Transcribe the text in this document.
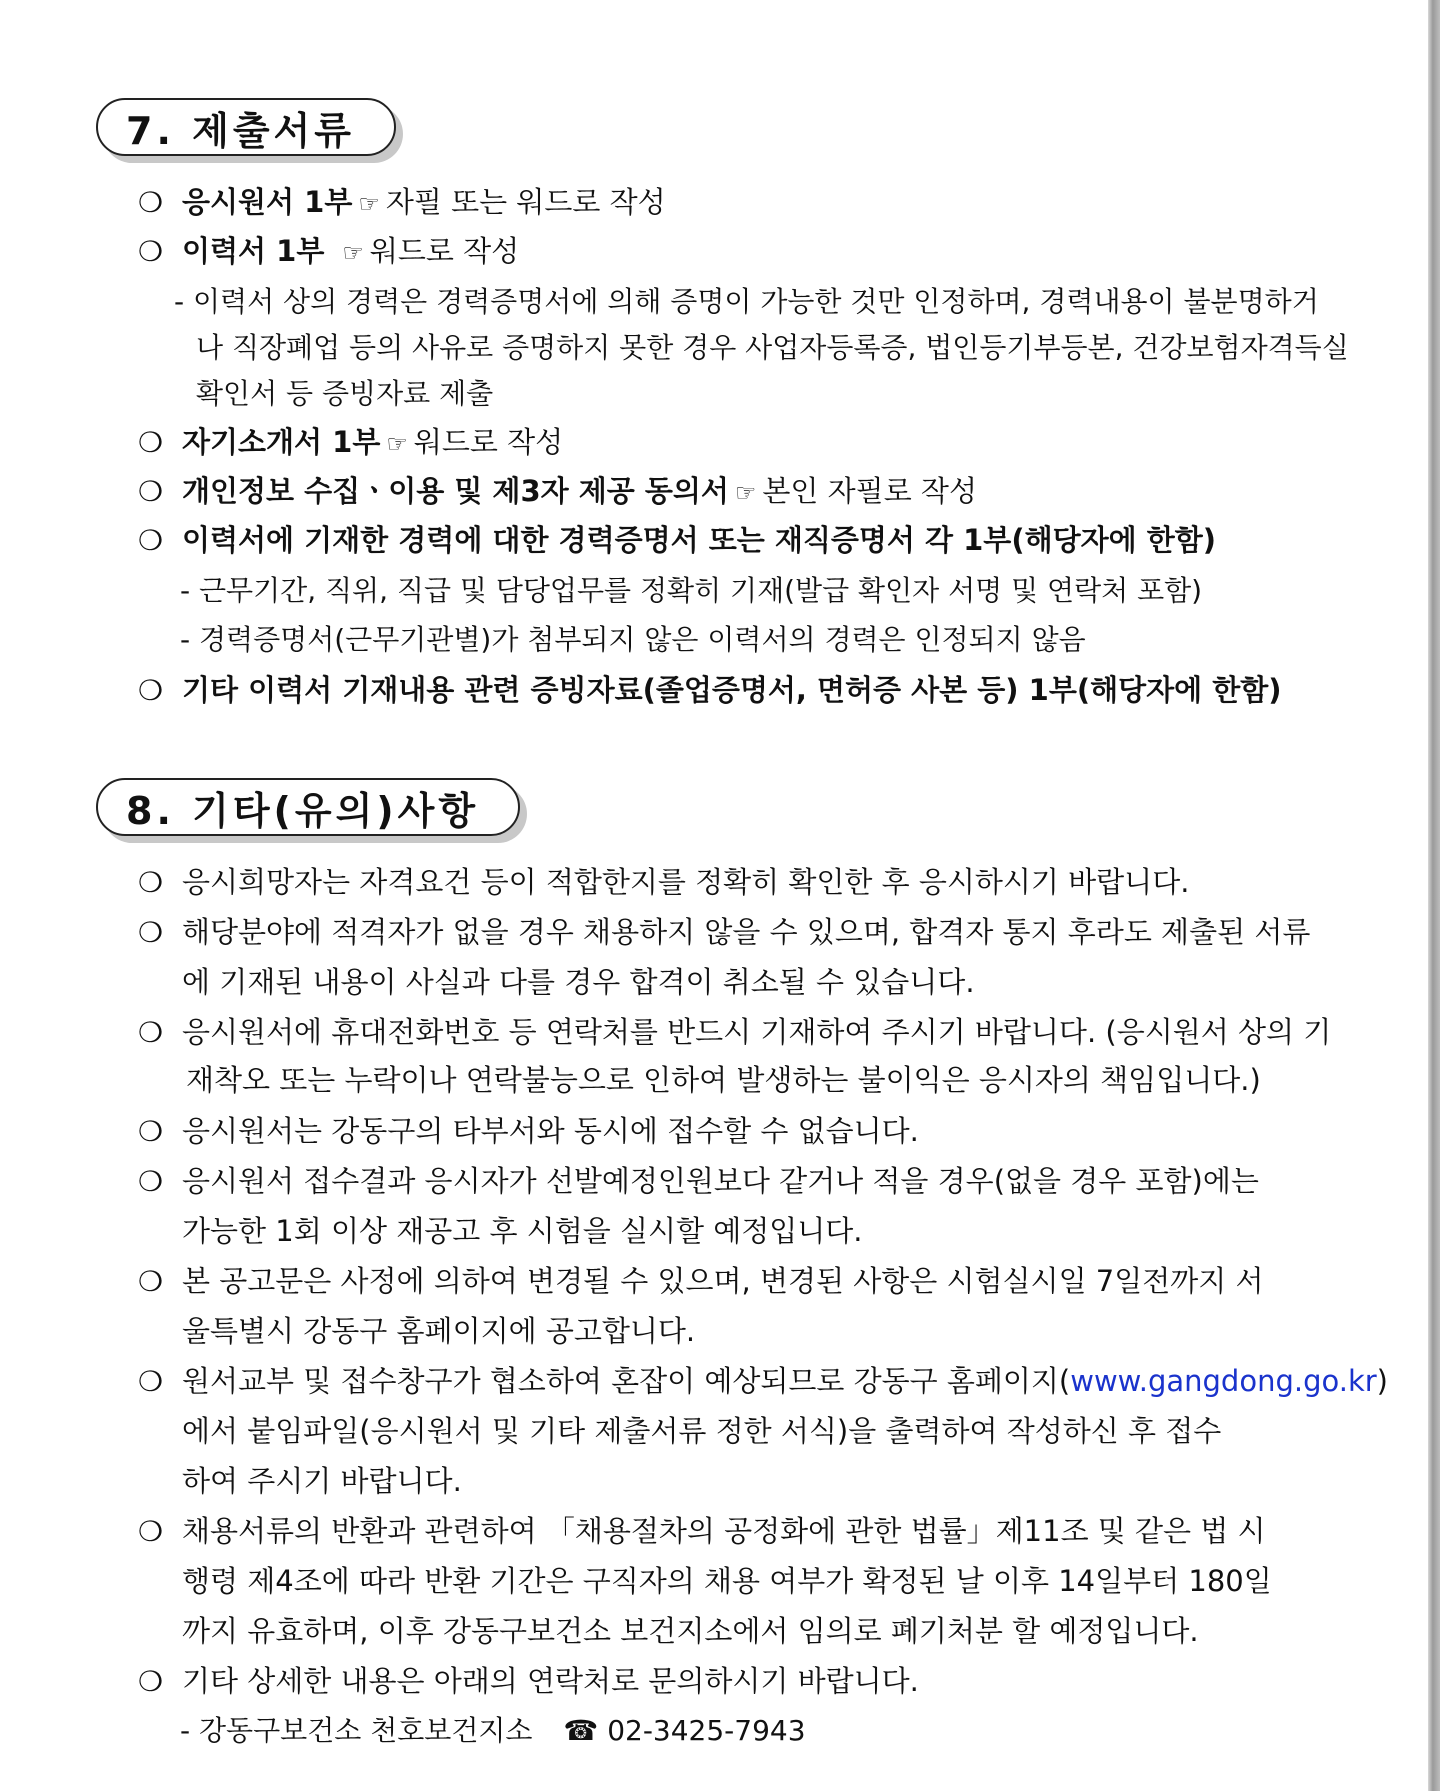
7. 제출서류
❍ 응시원서 1부 ☞ 자필 또는 워드로 작성
❍ 이력서 1부 ☞ 워드로 작성
- 이력서 상의 경력은 경력증명서에 의해 증명이 가능한 것만 인정하며, 경력내용이 불분명하거
나 직장폐업 등의 사유로 증명하지 못한 경우 사업자등록증, 법인등기부등본, 건강보험자격득실
확인서 등 증빙자료 제출
❍ 자기소개서 1부 ☞ 워드로 작성
❍ 개인정보 수집ㆍ이용 및 제3자 제공 동의서 ☞ 본인 자필로 작성
❍ 이력서에 기재한 경력에 대한 경력증명서 또는 재직증명서 각 1부(해당자에 한함)
- 근무기간, 직위, 직급 및 담당업무를 정확히 기재(발급 확인자 서명 및 연락처 포함)
- 경력증명서(근무기관별)가 첨부되지 않은 이력서의 경력은 인정되지 않음
❍ 기타 이력서 기재내용 관련 증빙자료(졸업증명서, 면허증 사본 등) 1부(해당자에 한함)
8. 기타(유의)사항
❍ 응시희망자는 자격요건 등이 적합한지를 정확히 확인한 후 응시하시기 바랍니다.
❍ 해당분야에 적격자가 없을 경우 채용하지 않을 수 있으며, 합격자 통지 후라도 제출된 서류
에 기재된 내용이 사실과 다를 경우 합격이 취소될 수 있습니다.
❍ 응시원서에 휴대전화번호 등 연락처를 반드시 기재하여 주시기 바랍니다. (응시원서 상의 기
재착오 또는 누락이나 연락불능으로 인하여 발생하는 불이익은 응시자의 책임입니다.)
❍ 응시원서는 강동구의 타부서와 동시에 접수할 수 없습니다.
❍ 응시원서 접수결과 응시자가 선발예정인원보다 같거나 적을 경우(없을 경우 포함)에는
가능한 1회 이상 재공고 후 시험을 실시할 예정입니다.
❍ 본 공고문은 사정에 의하여 변경될 수 있으며, 변경된 사항은 시험실시일 7일전까지 서
울특별시 강동구 홈페이지에 공고합니다.
❍ 원서교부 및 접수창구가 협소하여 혼잡이 예상되므로 강동구 홈페이지(www.gangdong.go.kr)
에서 붙임파일(응시원서 및 기타 제출서류 정한 서식)을 출력하여 작성하신 후 접수
하여 주시기 바랍니다.
❍ 채용서류의 반환과 관련하여 「채용절차의 공정화에 관한 법률」제11조 및 같은 법 시
행령 제4조에 따라 반환 기간은 구직자의 채용 여부가 확정된 날 이후 14일부터 180일
까지 유효하며, 이후 강동구보건소 보건지소에서 임의로 폐기처분 할 예정입니다.
❍ 기타 상세한 내용은 아래의 연락처로 문의하시기 바랍니다.
- 강동구보건소 천호보건지소 ☎ 02-3425-7943
